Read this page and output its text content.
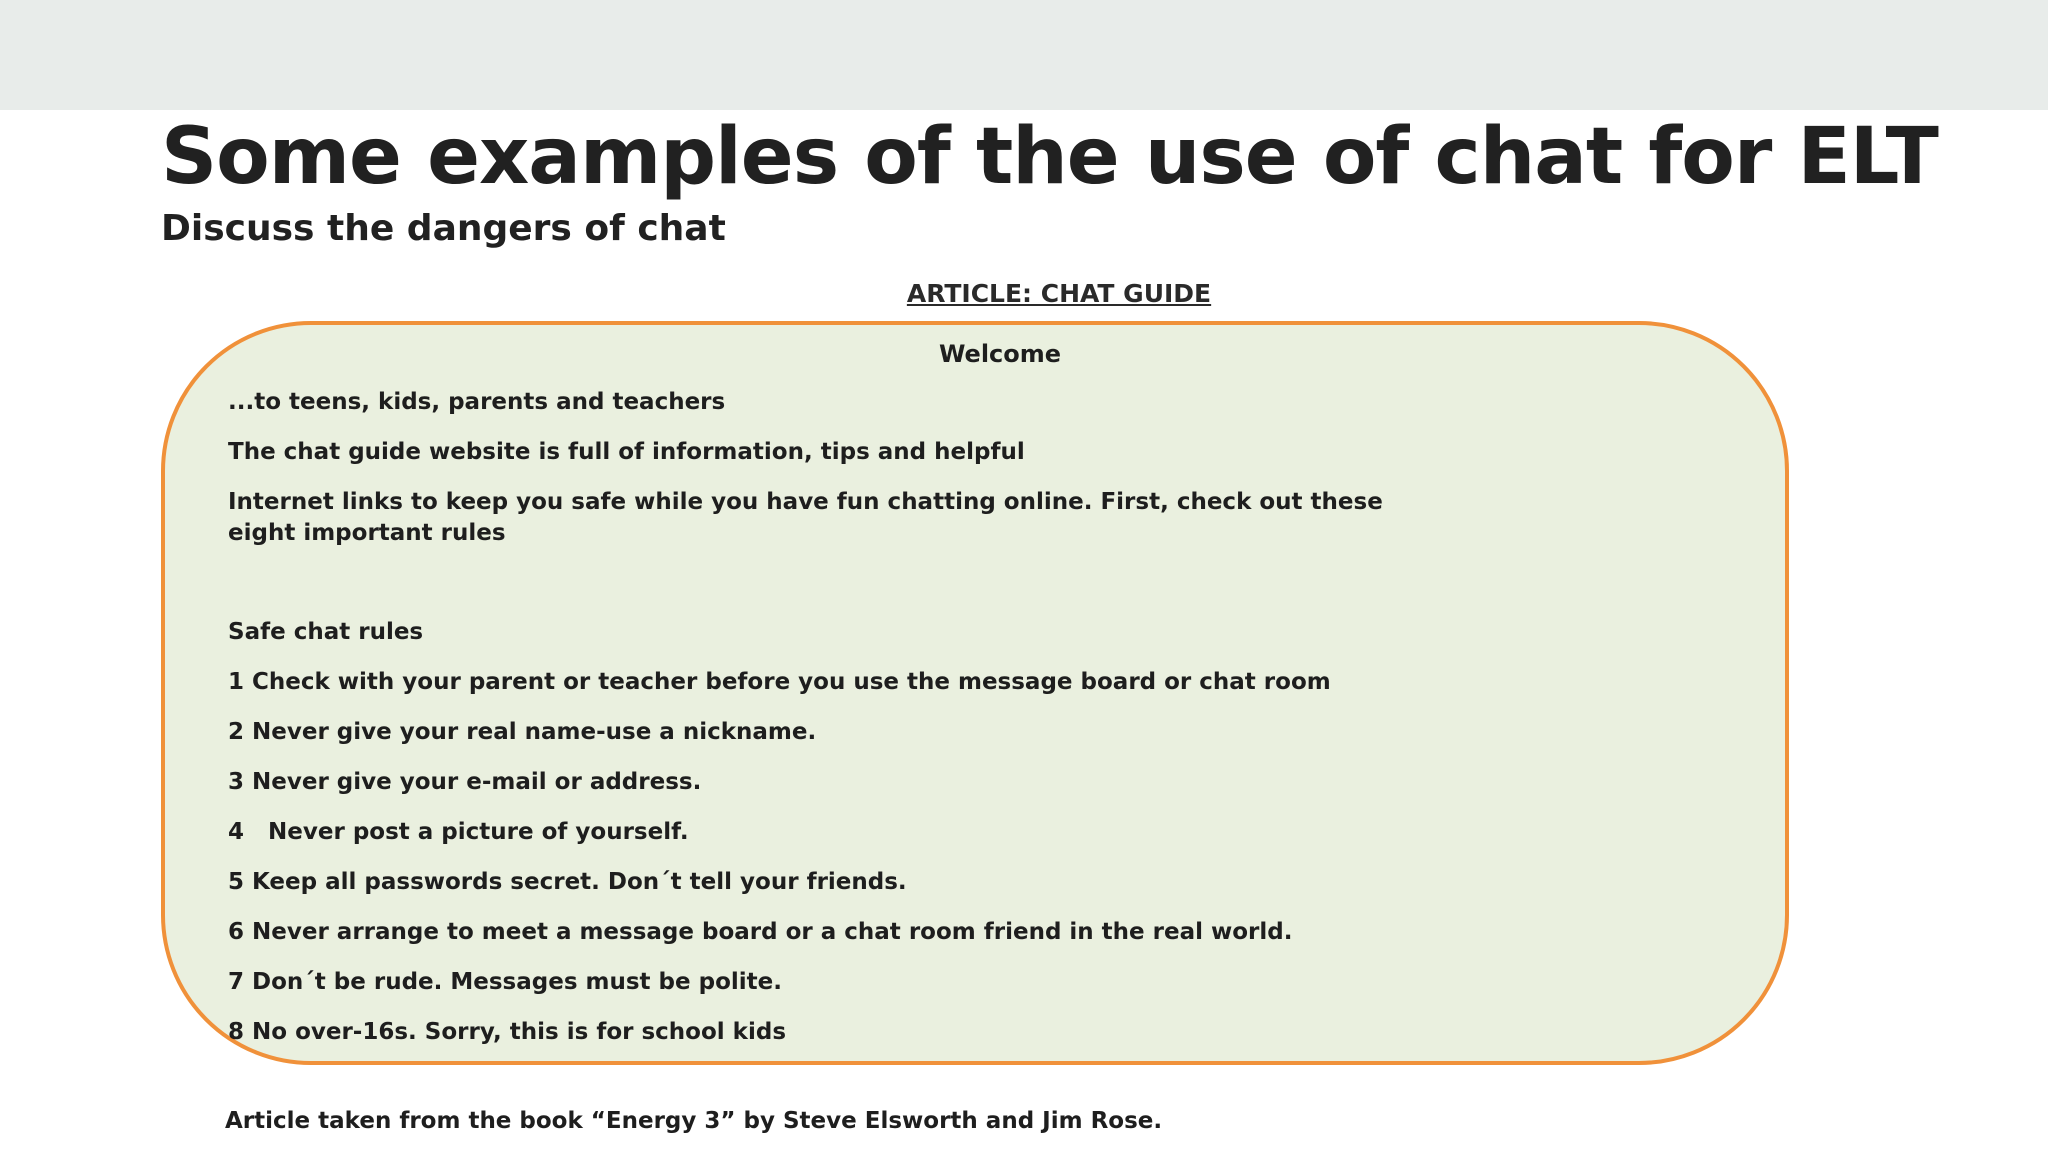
Some examples of the use of chat for ELT
Discuss the dangers of chat
ARTICLE: CHAT GUIDE
Welcome

...to teens, kids, parents and teachers

The chat guide website is full of information, tips and helpful

Internet links to keep you safe while you have fun chatting online. First, check out these

eight important rules

Safe chat rules

1 Check with your parent or teacher before you use the message board or chat room
2 Never give your real name-use a nickname.
3 Never give your e-mail or address.
4   Never post a picture of yourself.
5 Keep all passwords secret. Don´t tell your friends.
6 Never arrange to meet a message board or a chat room friend in the real world.
7 Don´t be rude. Messages must be polite.
8 No over-16s. Sorry, this is for school kids

Article taken from the book “Energy 3” by Steve Elsworth and Jim Rose.
